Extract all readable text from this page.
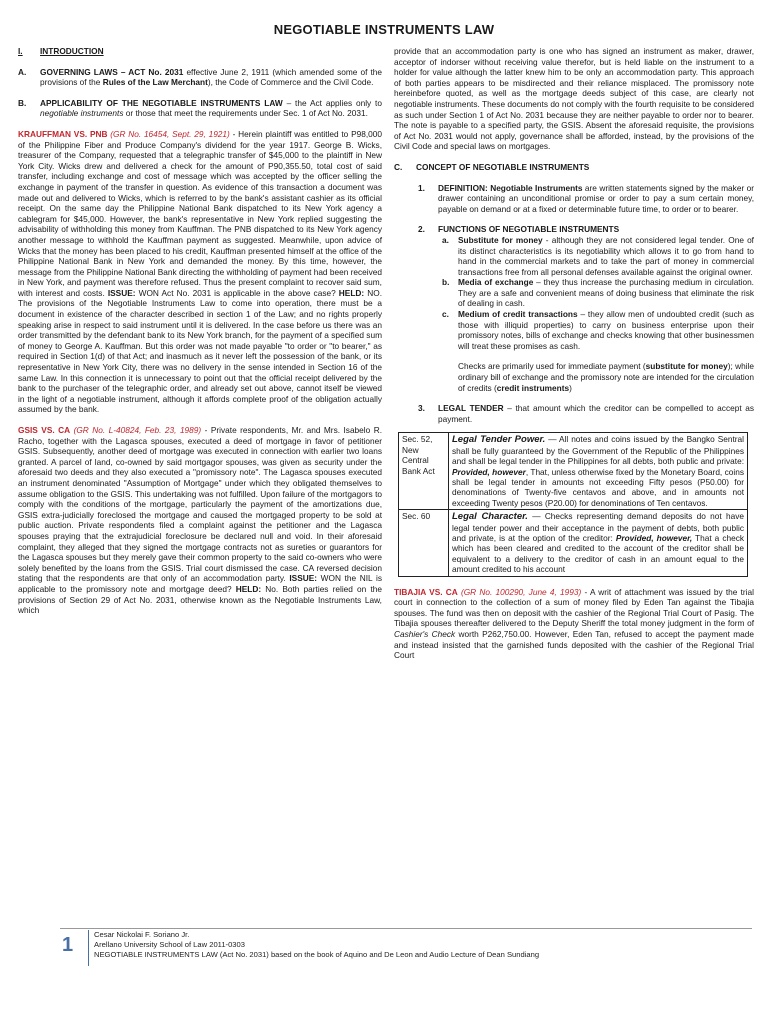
NEGOTIABLE INSTRUMENTS LAW
I. INTRODUCTION
A. GOVERNING LAWS – ACT No. 2031 effective June 2, 1911 (which amended some of the provisions of the Rules of the Law Merchant), the Code of Commerce and the Civil Code.
B. APPLICABILITY OF THE NEGOTIABLE INSTRUMENTS LAW – the Act applies only to negotiable instruments or those that meet the requirements under Sec. 1 of Act No. 2031.
KRAUFFMAN VS. PNB (GR No. 16454, Sept. 29, 1921) - Herein plaintiff was entitled to P98,000 of the Philippine Fiber and Produce Company's dividend for the year 1917. George B. Wicks, treasurer of the Company, requested that a telegraphic transfer of $45,000 to the plaintiff in New York City. Wicks drew and delivered a check for the amount of P90,355.50, total cost of said transfer, including exchange and cost of message which was accepted by the officer selling the exchange in payment of the transfer in question. As evidence of this transaction a document was made out and delivered to Wicks, which is referred to by the bank's assistant cashier as its official receipt. On the same day the Philippine National Bank dispatched to its New York agency a cablegram for $45,000. However, the bank's representative in New York replied suggesting the advisability of withholding this money from Kauffman. The PNB dispatched to its New York agency another message to withhold the Kauffman payment as suggested. Meanwhile, upon advice of Wicks that the money has been placed to his credit, Kauffman presented himself at the office of the Philippine National Bank in New York and demanded the money. By this time, however, the message from the Philippine National Bank directing the withholding of payment had been received in New York, and payment was therefore refused. Thus the present complaint to recover said sum, with interest and costs. ISSUE: WON Act No. 2031 is applicable in the above case? HELD: NO. The provisions of the Negotiable Instruments Law to come into operation, there must be a document in existence of the character described in section 1 of the Law; and no rights properly speaking arise in respect to said instrument until it is delivered. In the case before us there was an order transmitted by the defendant bank to its New York branch, for the payment of a specified sum of money to George A. Kauffman. But this order was not made payable "to order or "to bearer," as required in Section 1(d) of that Act; and inasmuch as it never left the possession of the bank, or its representative in New York City, there was no delivery in the sense intended in Section 16 of the same Law. In this connection it is unnecessary to point out that the official receipt delivered by the bank to the purchaser of the telegraphic order, and already set out above, cannot itself be viewed in the light of a negotiable instrument, although it affords complete proof of the obligation actually assumed by the bank.
GSIS VS. CA (GR No. L-40824, Feb. 23, 1989) - Private respondents, Mr. and Mrs. Isabelo R. Racho, together with the Lagasca spouses, executed a deed of mortgage in favor of petitioner GSIS. Subsequently, another deed of mortgage was executed in connection with earlier two loans granted. A parcel of land, co-owned by said mortgagor spouses, was given as security under the aforesaid two deeds and they also executed a "promissory note". The Lagasca spouses executed an instrument denominated "Assumption of Mortgage" under which they obligated themselves to assume obligation to the GSIS. This undertaking was not fulfilled. Upon failure of the mortgagors to comply with the conditions of the mortgage, particularly the payment of the amortizations due, GSIS extra-judicially foreclosed the mortgage and caused the mortgaged property to be sold at public auction. Private respondents filed a complaint against the petitioner and the Lagasca spouses praying that the extrajudicial foreclosure be declared null and void. In their aforesaid complaint, they alleged that they signed the mortgage contracts not as sureties or guarantors for the Lagasca spouses but they merely gave their common property to the said co-owners who were solely benefited by the loans from the GSIS. Trial court dismissed the case. CA reversed decision stating that the respondents are that only of an accommodation party. ISSUE: WON the NIL is applicable to the promissory note and mortgage deed? HELD: No. Both parties relied on the provisions of Section 29 of Act No. 2031, otherwise known as the Negotiable Instruments Law, which
provide that an accommodation party is one who has signed an instrument as maker, drawer, acceptor of indorser without receiving value therefor, but is held liable on the instrument to a holder for value although the latter knew him to be only an accommodation party. This approach of both parties appears to be misdirected and their reliance misplaced. The promissory note hereinbefore quoted, as well as the mortgage deeds subject of this case, are clearly not negotiable instruments. These documents do not comply with the fourth requisite to be considered as such under Section 1 of Act No. 2031 because they are neither payable to order nor to bearer. The note is payable to a specified party, the GSIS. Absent the aforesaid requisite, the provisions of Act No. 2031 would not apply, governance shall be afforded, instead, by the provisions of the Civil Code and special laws on mortgages.
C. CONCEPT OF NEGOTIABLE INSTRUMENTS
1. DEFINITION: Negotiable Instruments are written statements signed by the maker or drawer containing an unconditional promise or order to pay a sum certain money, payable on demand or at a fixed or determinable future time, to order or to bearer.
2. FUNCTIONS OF NEGOTIABLE INSTRUMENTS
a. Substitute for money - although they are not considered legal tender. One of its distinct characteristics is its negotiability which allows it to go from hand to hand in the commercial markets and to take the part of money in commercial transactions free from all personal defenses available against the original owner.
b. Media of exchange – they thus increase the purchasing medium in circulation. They are a safe and convenient means of doing business that eliminate the risk of dealing in cash.
c. Medium of credit transactions – they allow men of undoubted credit (such as those with illiquid properties) to carry on business enterprise upon their promissory notes, bills of exchange and checks knowing that other businessmen will treat these promises as cash.
Checks are primarily used for immediate payment (substitute for money); while ordinary bill of exchange and the promissory note are intended for the circulation of credits (credit instruments)
3. LEGAL TENDER – that amount which the creditor can be compelled to accept as payment.
Sec. 52, New Central Bank Act	Legal Tender Power. — All notes and coins issued by the Bangko Sentral shall be fully guaranteed by the Government of the Republic of the Philippines and shall be legal tender in the Philippines for all debts, both public and private: Provided, however, That, unless otherwise fixed by the Monetary Board, coins shall be legal tender in amounts not exceeding Fifty pesos (P50.00) for denominations of Twenty-five centavos and above, and in amounts not exceeding Twenty pesos (P20.00) for denominations of Ten centavos.
Sec. 60	Legal Character. — Checks representing demand deposits do not have legal tender power and their acceptance in the payment of debts, both public and private, is at the option of the creditor: Provided, however, That a check which has been cleared and credited to the account of the creditor shall be equivalent to a delivery to the creditor of cash in an amount equal to the amount credited to his account
TIBAJIA VS. CA (GR No. 100290, June 4, 1993) - A writ of attachment was issued by the trial court in connection to the collection of a sum of money filed by Eden Tan against the Tibajia spouses. The fund was then on deposit with the cashier of the Regional Trial Court of Pasig. The Tibajia spouses thereafter delivered to the Deputy Sheriff the total money judgment in the form of Cashier's Check worth P262,750.00. However, Eden Tan, refused to accept the payment made and instead insisted that the garnished funds deposited with the cashier of the Regional Trial Court
1	Cesar Nickolai F. Soriano Jr.
Arellano University School of Law 2011-0303
NEGOTIABLE INSTRUMENTS LAW (Act No. 2031) based on the book of Aquino and De Leon and Audio Lecture of Dean Sundiang
